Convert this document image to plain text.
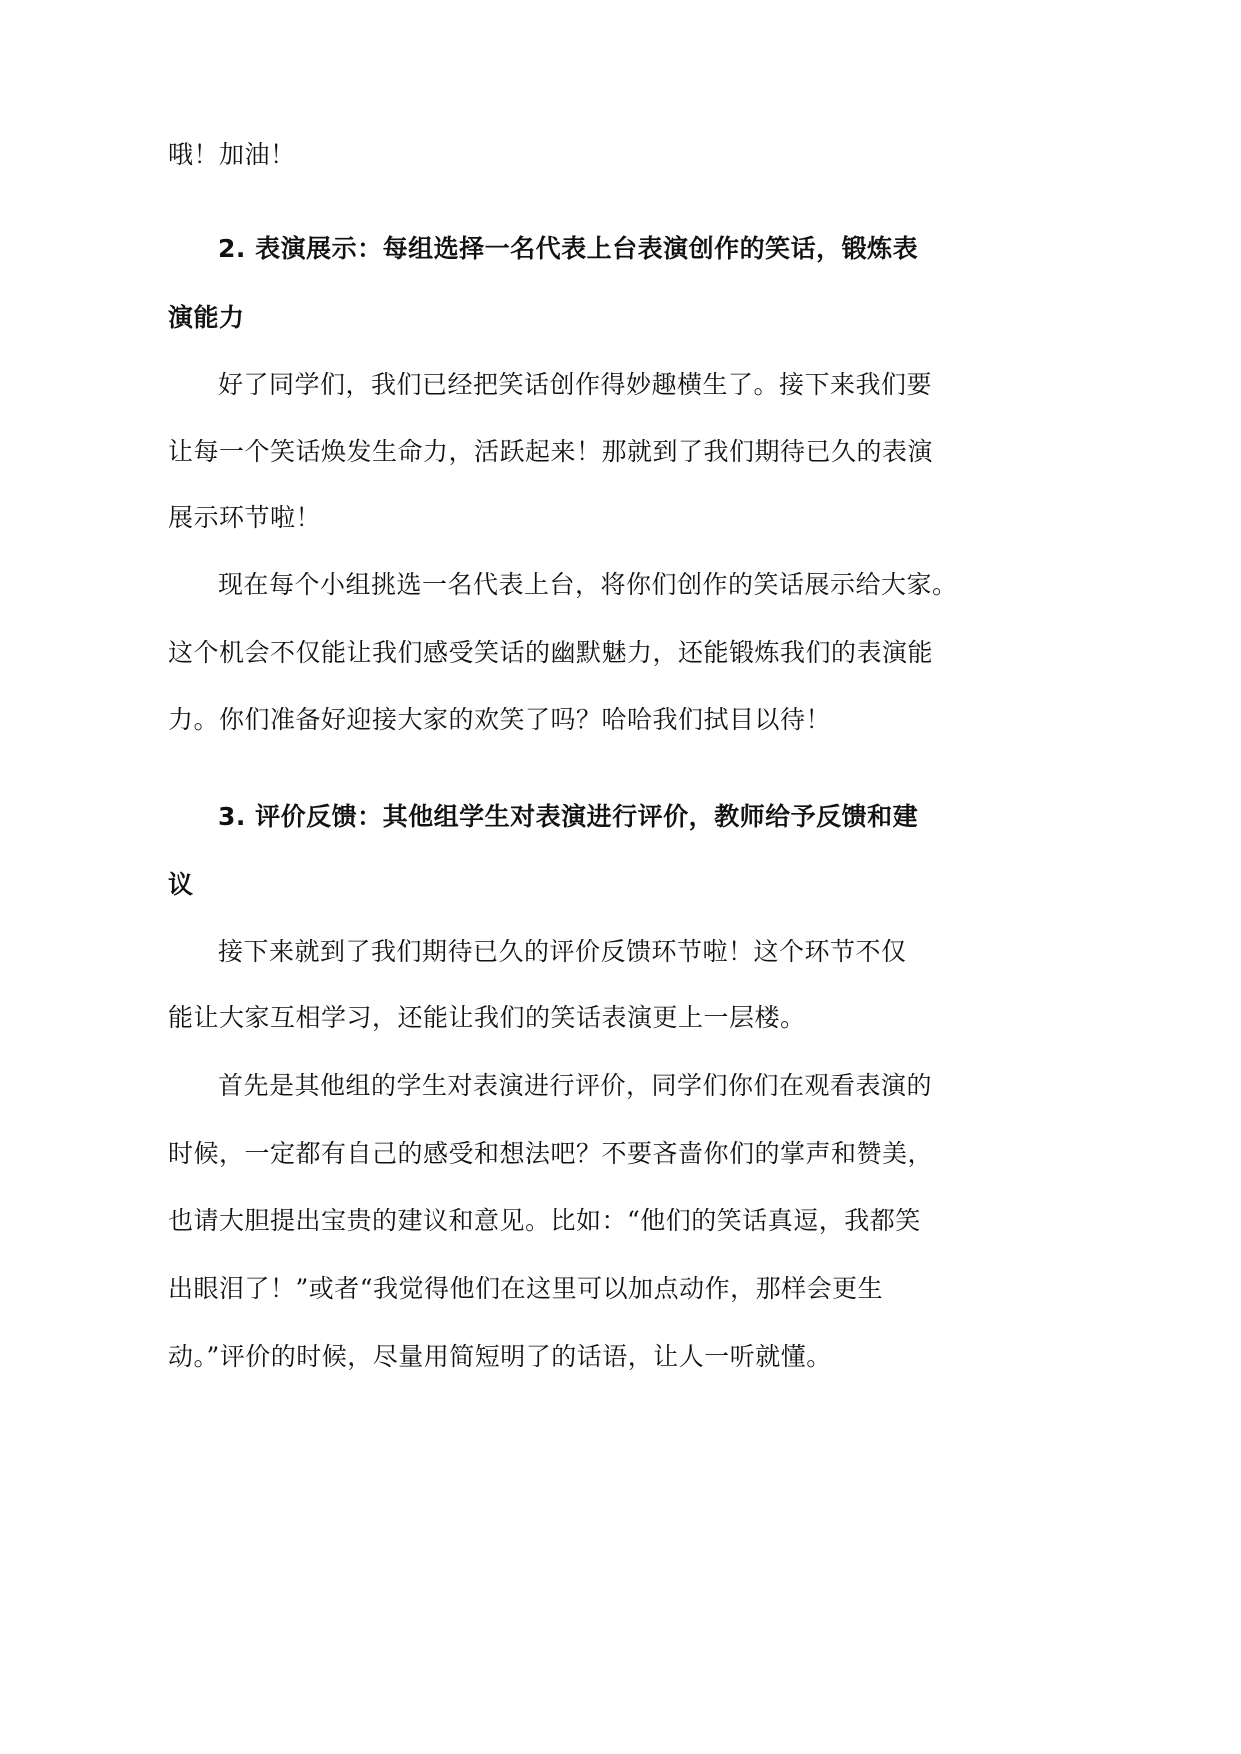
哦！加油！
2. 表演展示：每组选择一名代表上台表演创作的笑话，锻炼表
演能力
好了同学们，我们已经把笑话创作得妙趣横生了。接下来我们要
让每一个笑话焕发生命力，活跃起来！那就到了我们期待已久的表演
展示环节啦！
现在每个小组挑选一名代表上台，将你们创作的笑话展示给大家。
这个机会不仅能让我们感受笑话的幽默魅力，还能锻炼我们的表演能
力。你们准备好迎接大家的欢笑了吗？哈哈我们拭目以待！
3. 评价反馈：其他组学生对表演进行评价，教师给予反馈和建
议
接下来就到了我们期待已久的评价反馈环节啦！这个环节不仅
能让大家互相学习，还能让我们的笑话表演更上一层楼。
首先是其他组的学生对表演进行评价，同学们你们在观看表演的
时候，一定都有自己的感受和想法吧？不要吝啬你们的掌声和赞美，
也请大胆提出宝贵的建议和意见。比如：“他们的笑话真逗，我都笑
出眼泪了！”或者“我觉得他们在这里可以加点动作，那样会更生
动。”评价的时候，尽量用简短明了的话语，让人一听就懂。
